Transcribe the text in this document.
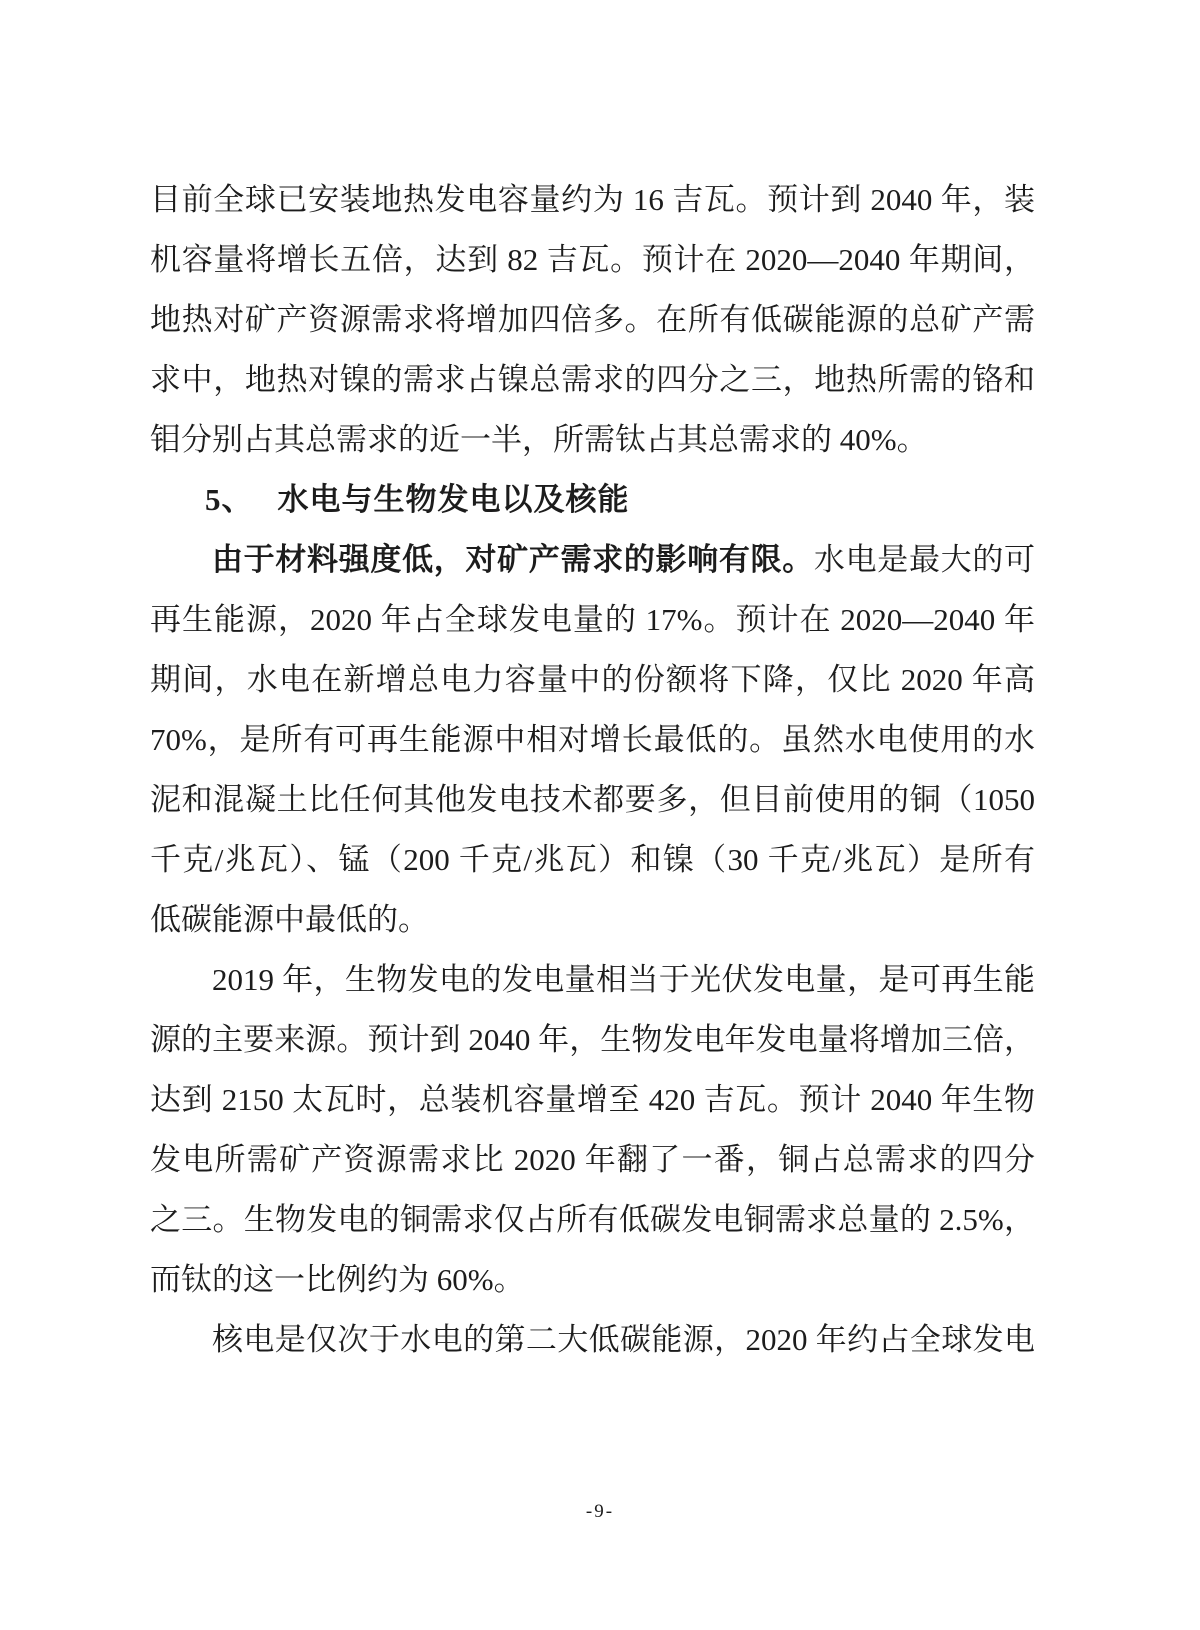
目前全球已安装地热发电容量约为 16 吉瓦。预计到 2040 年，装
机容量将增长五倍，达到 82 吉瓦。预计在 2020—2040 年期间，
地热对矿产资源需求将增加四倍多。在所有低碳能源的总矿产需
求中，地热对镍的需求占镍总需求的四分之三，地热所需的铬和
钼分别占其总需求的近一半，所需钛占其总需求的 40%。
5、 水电与生物发电以及核能
由于材料强度低，对矿产需求的影响有限。水电是最大的可
再生能源，2020 年占全球发电量的 17%。预计在 2020—2040 年
期间，水电在新增总电力容量中的份额将下降，仅比 2020 年高
70%，是所有可再生能源中相对增长最低的。虽然水电使用的水
泥和混凝土比任何其他发电技术都要多，但目前使用的铜（1050
千克/兆瓦）、锰（200 千克/兆瓦）和镍（30 千克/兆瓦）是所有
低碳能源中最低的。
2019 年，生物发电的发电量相当于光伏发电量，是可再生能
源的主要来源。预计到 2040 年，生物发电年发电量将增加三倍，
达到 2150 太瓦时，总装机容量增至 420 吉瓦。预计 2040 年生物
发电所需矿产资源需求比 2020 年翻了一番，铜占总需求的四分
之三。生物发电的铜需求仅占所有低碳发电铜需求总量的 2.5%，
而钛的这一比例约为 60%。
核电是仅次于水电的第二大低碳能源，2020 年约占全球发电
-9-
